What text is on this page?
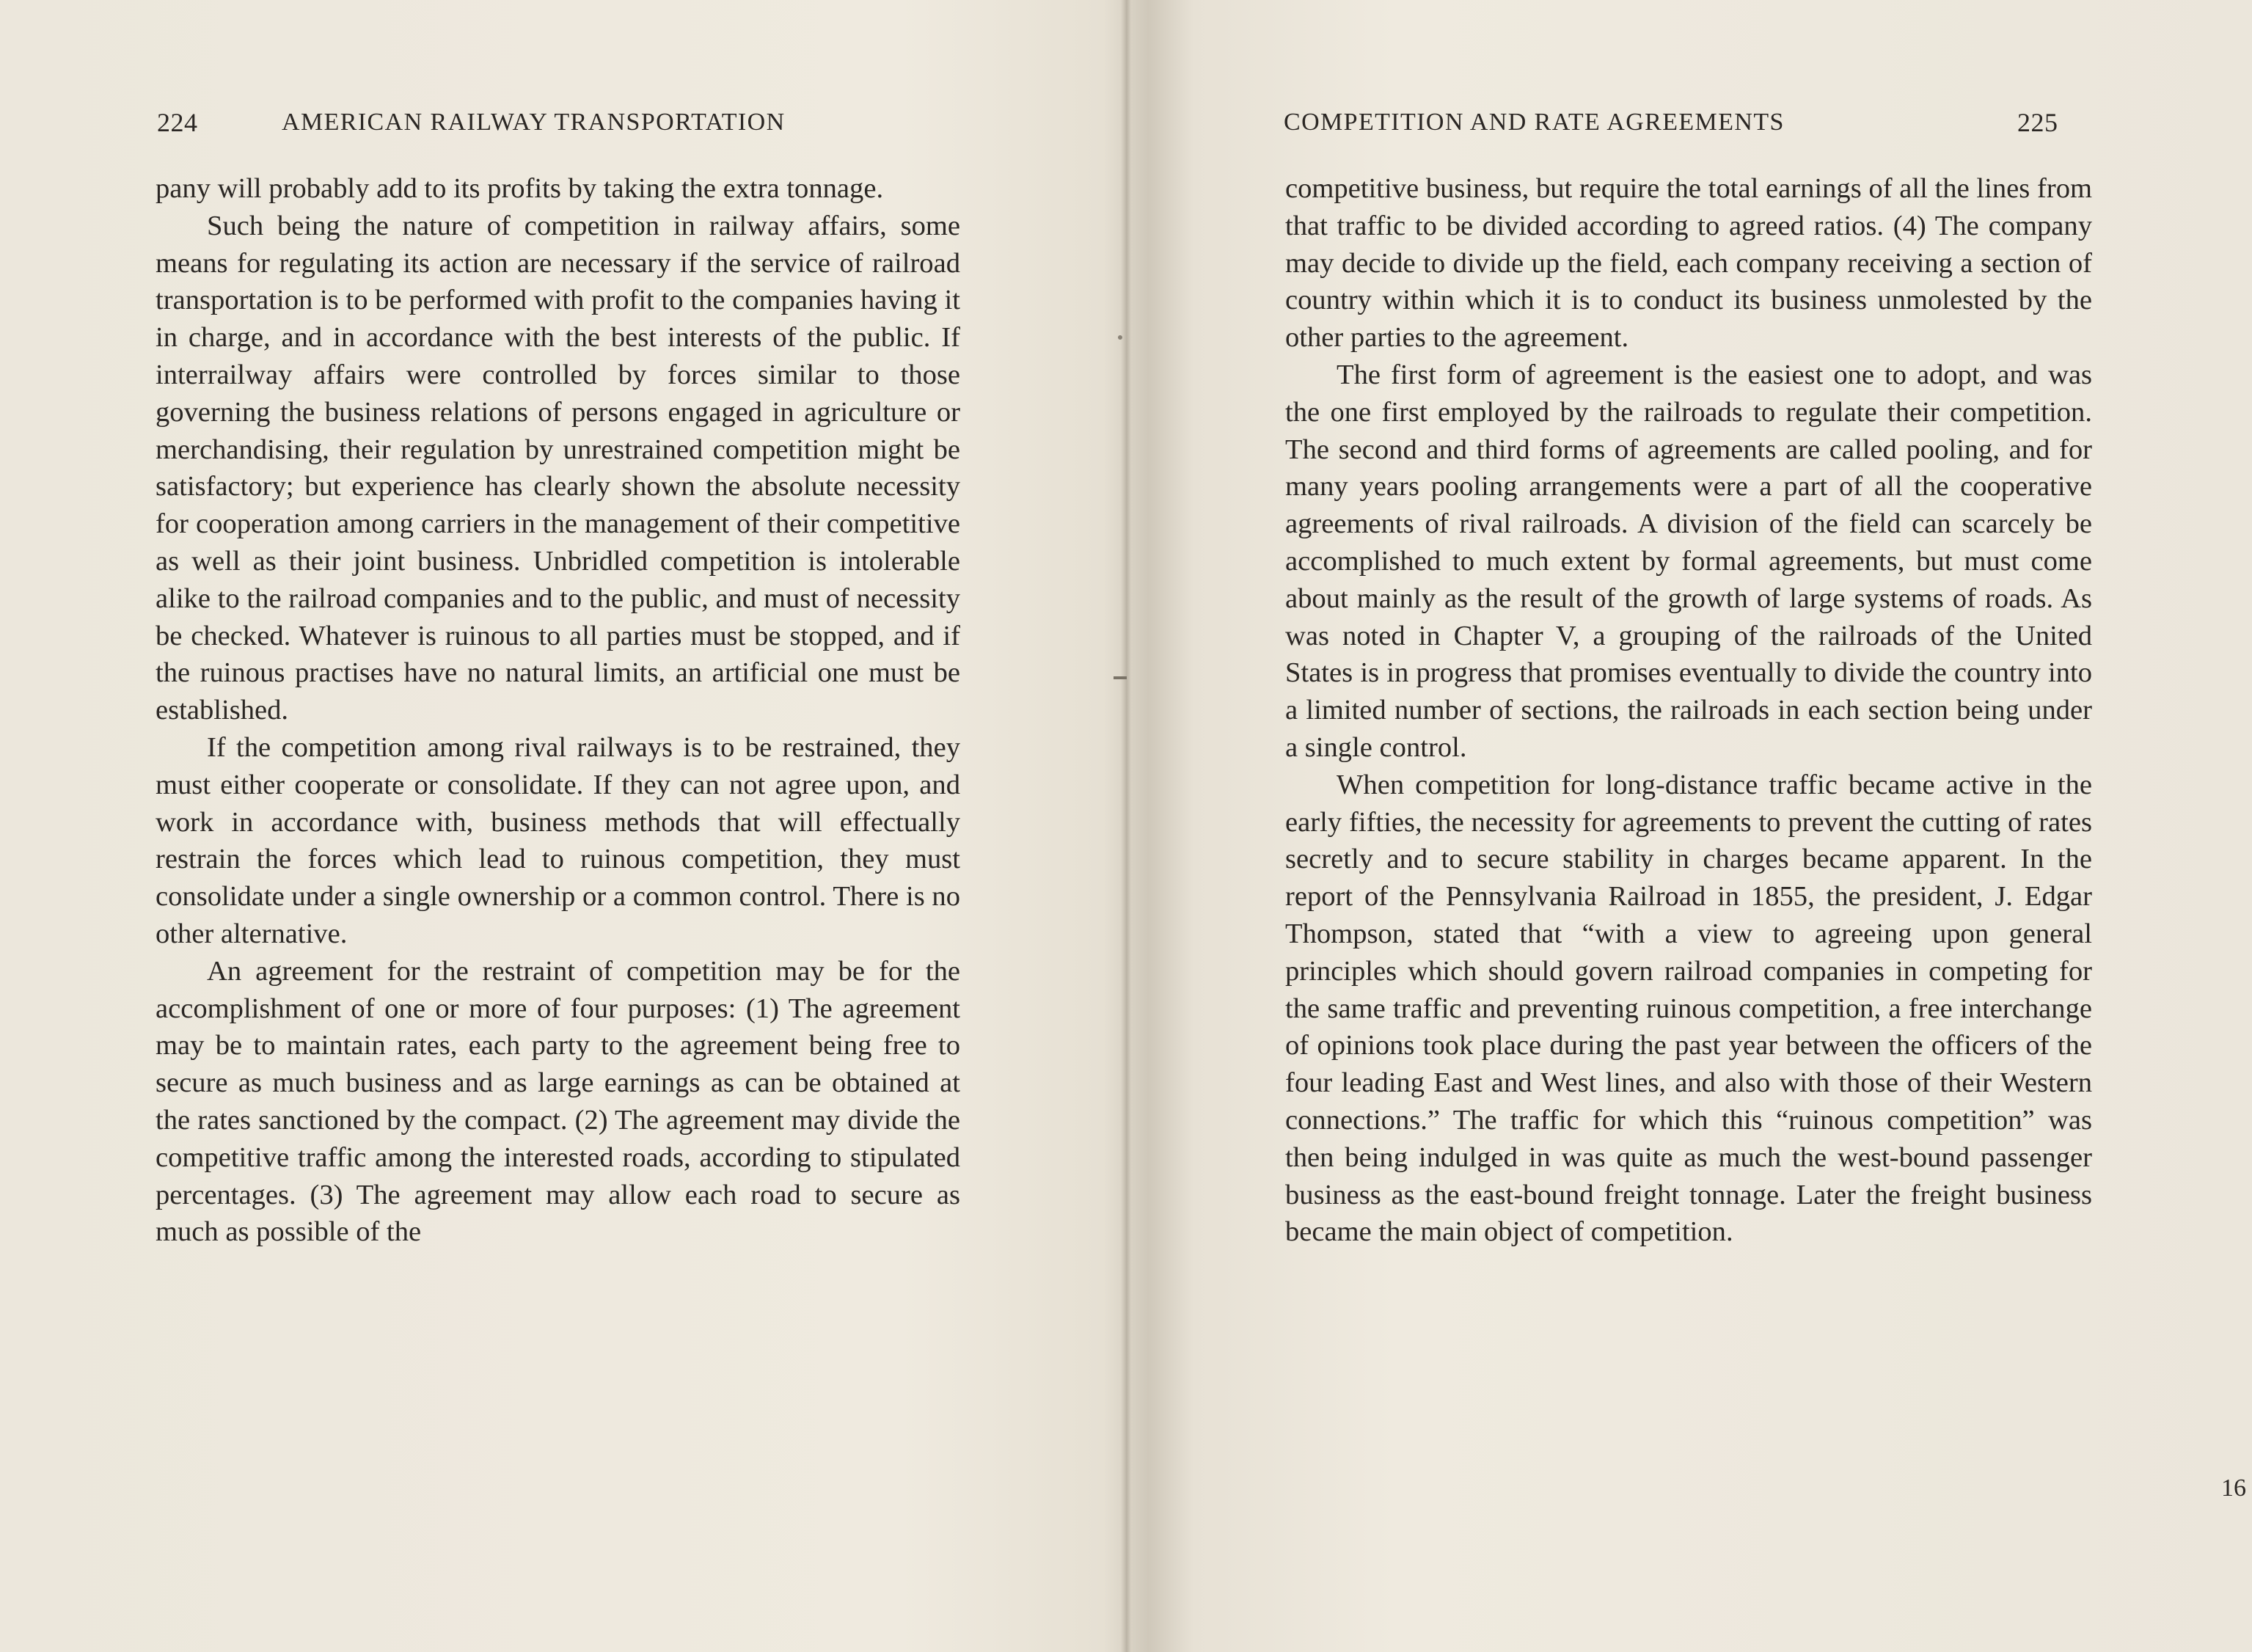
224	AMERICAN RAILWAY TRANSPORTATION

pany will probably add to its profits by taking the extra tonnage.

Such being the nature of competition in railway affairs, some means for regulating its action are necessary if the service of railroad transportation is to be performed with profit to the companies having it in charge, and in accordance with the best interests of the public. If interrailway affairs were controlled by forces similar to those governing the business relations of persons engaged in agriculture or merchandising, their regulation by unrestrained competition might be satisfactory; but experience has clearly shown the absolute necessity for cooperation among carriers in the management of their competitive as well as their joint business. Unbridled competition is intolerable alike to the railroad companies and to the public, and must of necessity be checked. Whatever is ruinous to all parties must be stopped, and if the ruinous practises have no natural limits, an artificial one must be established.

If the competition among rival railways is to be restrained, they must either cooperate or consolidate. If they can not agree upon, and work in accordance with, business methods that will effectually restrain the forces which lead to ruinous competition, they must consolidate under a single ownership or a common control. There is no other alternative.

An agreement for the restraint of competition may be for the accomplishment of one or more of four purposes: (1) The agreement may be to maintain rates, each party to the agreement being free to secure as much business and as large earnings as can be obtained at the rates sanctioned by the compact. (2) The agreement may divide the competitive traffic among the interested roads, according to stipulated percentages. (3) The agreement may allow each road to secure as much as possible of the

COMPETITION AND RATE AGREEMENTS	225

competitive business, but require the total earnings of all the lines from that traffic to be divided according to agreed ratios. (4) The company may decide to divide up the field, each company receiving a section of country within which it is to conduct its business unmolested by the other parties to the agreement.

The first form of agreement is the easiest one to adopt, and was the one first employed by the railroads to regulate their competition. The second and third forms of agreements are called pooling, and for many years pooling arrangements were a part of all the cooperative agreements of rival railroads. A division of the field can scarcely be accomplished to much extent by formal agreements, but must come about mainly as the result of the growth of large systems of roads. As was noted in Chapter V, a grouping of the railroads of the United States is in progress that promises eventually to divide the country into a limited number of sections, the railroads in each section being under a single control.

When competition for long-distance traffic became active in the early fifties, the necessity for agreements to prevent the cutting of rates secretly and to secure stability in charges became apparent. In the report of the Pennsylvania Railroad in 1855, the president, J. Edgar Thompson, stated that “with a view to agreeing upon general principles which should govern railroad companies in competing for the same traffic and preventing ruinous competition, a free interchange of opinions took place during the past year between the officers of the four leading East and West lines, and also with those of their Western connections.” The traffic for which this “ruinous competition” was then being indulged in was quite as much the west-bound passenger business as the east-bound freight tonnage. Later the freight business became the main object of competition.

16
